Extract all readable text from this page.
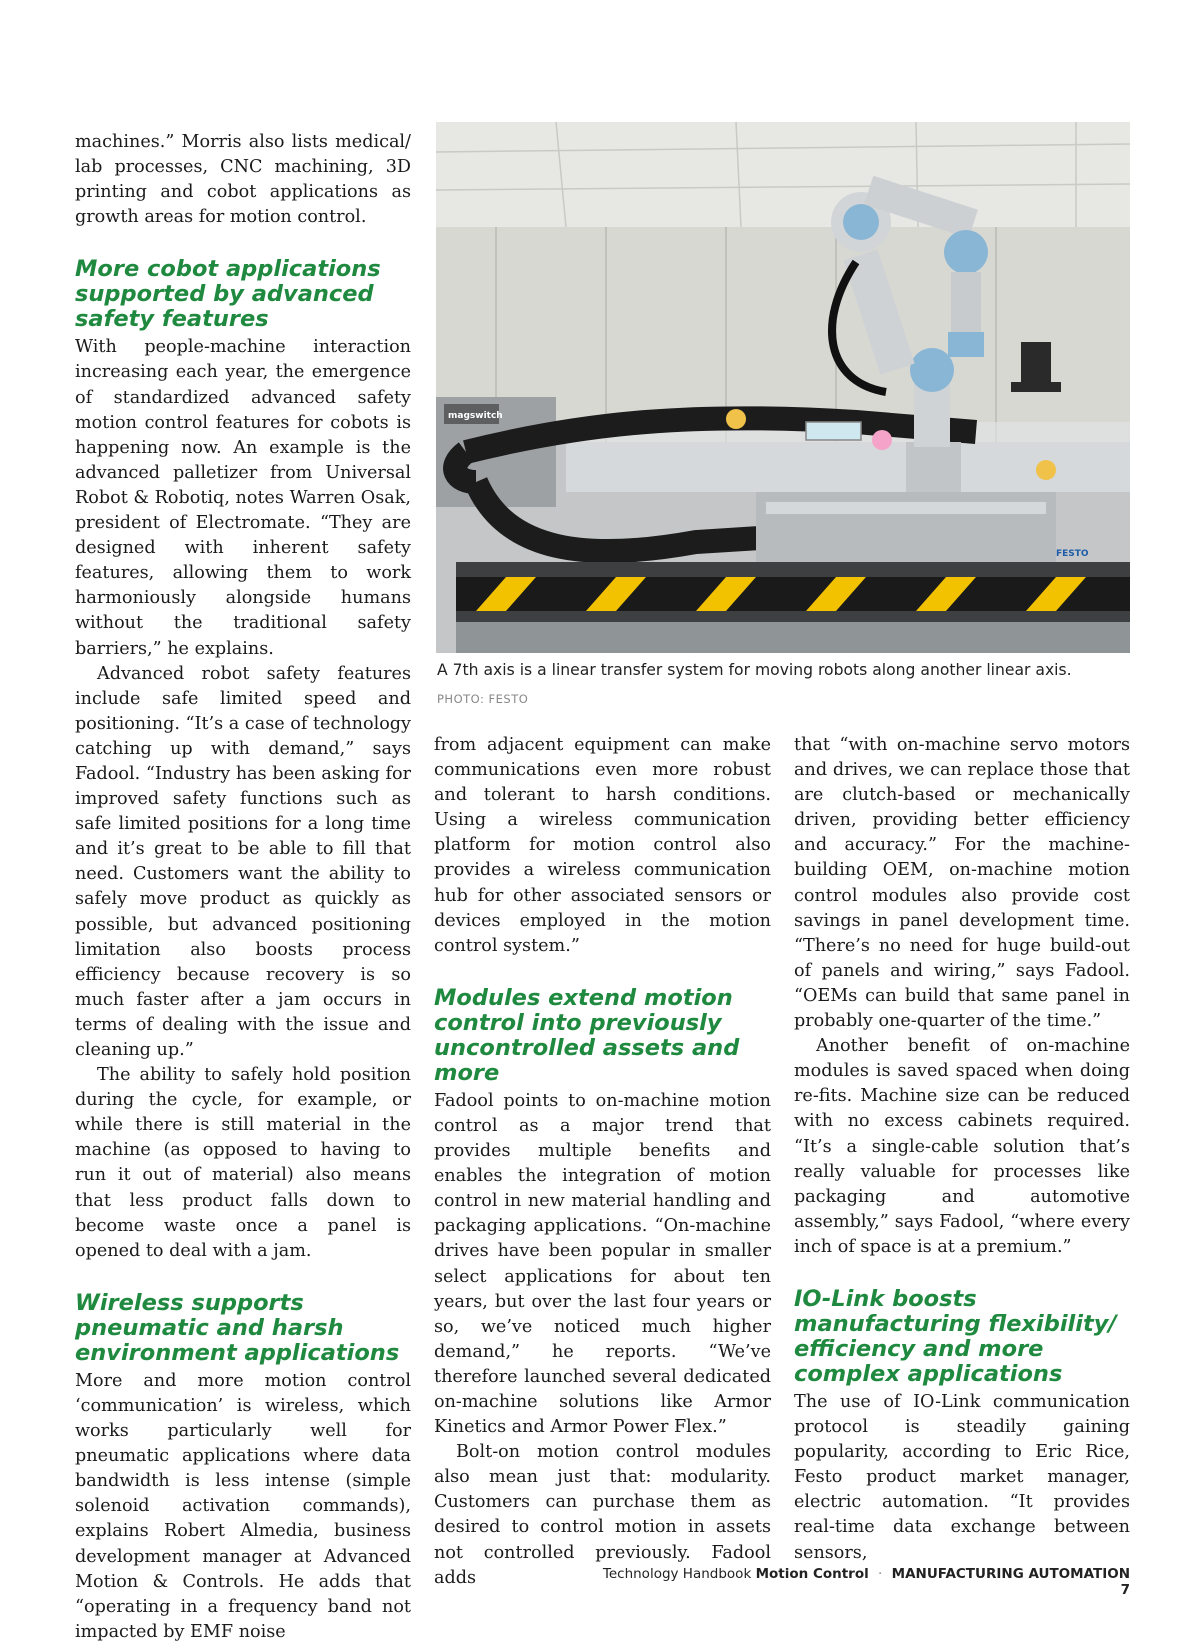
machines.” Morris also lists medical/ lab processes, CNC machining, 3D printing and cobot applications as growth areas for motion control.

More cobot applications supported by advanced safety features

With people-machine interaction increasing each year, the emergence of standardized advanced safety motion control features for cobots is happening now. An example is the advanced palletizer from Universal Robot & Robotiq, notes Warren Osak, president of Electromate. “They are designed with inherent safety features, allowing them to work harmoniously alongside humans without the traditional safety barriers,” he explains.

Advanced robot safety features include safe limited speed and positioning. “It’s a case of technology catching up with demand,” says Fadool. “Industry has been asking for improved safety functions such as safe limited positions for a long time and it’s great to be able to fill that need. Customers want the ability to safely move product as quickly as possible, but advanced positioning limitation also boosts process efficiency because recovery is so much faster after a jam occurs in terms of dealing with the issue and cleaning up.”

The ability to safely hold position during the cycle, for example, or while there is still material in the machine (as opposed to having to run it out of material) also means that less product falls down to become waste once a panel is opened to deal with a jam.

Wireless supports pneumatic and harsh environment applications

More and more motion control ‘communication’ is wireless, which works particularly well for pneumatic applications where data bandwidth is less intense (simple solenoid activation commands), explains Robert Almedia, business development manager at Advanced Motion & Controls. He adds that “operating in a frequency band not impacted by EMF noise

magswitch
FESTO
A 7th axis is a linear transfer system for moving robots along another linear axis.
PHOTO: FESTO

from adjacent equipment can make communications even more robust and tolerant to harsh conditions. Using a wireless communication platform for motion control also provides a wireless communication hub for other associated sensors or devices employed in the motion control system.”

Modules extend motion control into previously uncontrolled assets and more

Fadool points to on-machine motion control as a major trend that provides multiple benefits and enables the integration of motion control in new material handling and packaging applications. “On-machine drives have been popular in smaller select applications for about ten years, but over the last four years or so, we’ve noticed much higher demand,” he reports. “We’ve therefore launched several dedicated on-machine solutions like Armor Kinetics and Armor Power Flex.”

Bolt-on motion control modules also mean just that: modularity. Customers can purchase them as desired to control motion in assets not controlled previously. Fadool adds

that “with on-machine servo motors and drives, we can replace those that are clutch-based or mechanically driven, providing better efficiency and accuracy.” For the machine-building OEM, on-machine motion control modules also provide cost savings in panel development time. “There’s no need for huge build-out of panels and wiring,” says Fadool. “OEMs can build that same panel in probably one-quarter of the time.”

Another benefit of on-machine modules is saved spaced when doing re-fits. Machine size can be reduced with no excess cabinets required. “It’s a single-cable solution that’s really valuable for processes like packaging and automotive assembly,” says Fadool, “where every inch of space is at a premium.”

IO-Link boosts manufacturing flexibility/ efficiency and more complex applications

The use of IO-Link communication protocol is steadily gaining popularity, according to Eric Rice, Festo product market manager, electric automation. “It provides real-time data exchange between sensors,

Technology Handbook Motion Control · MANUFACTURING AUTOMATION 7
